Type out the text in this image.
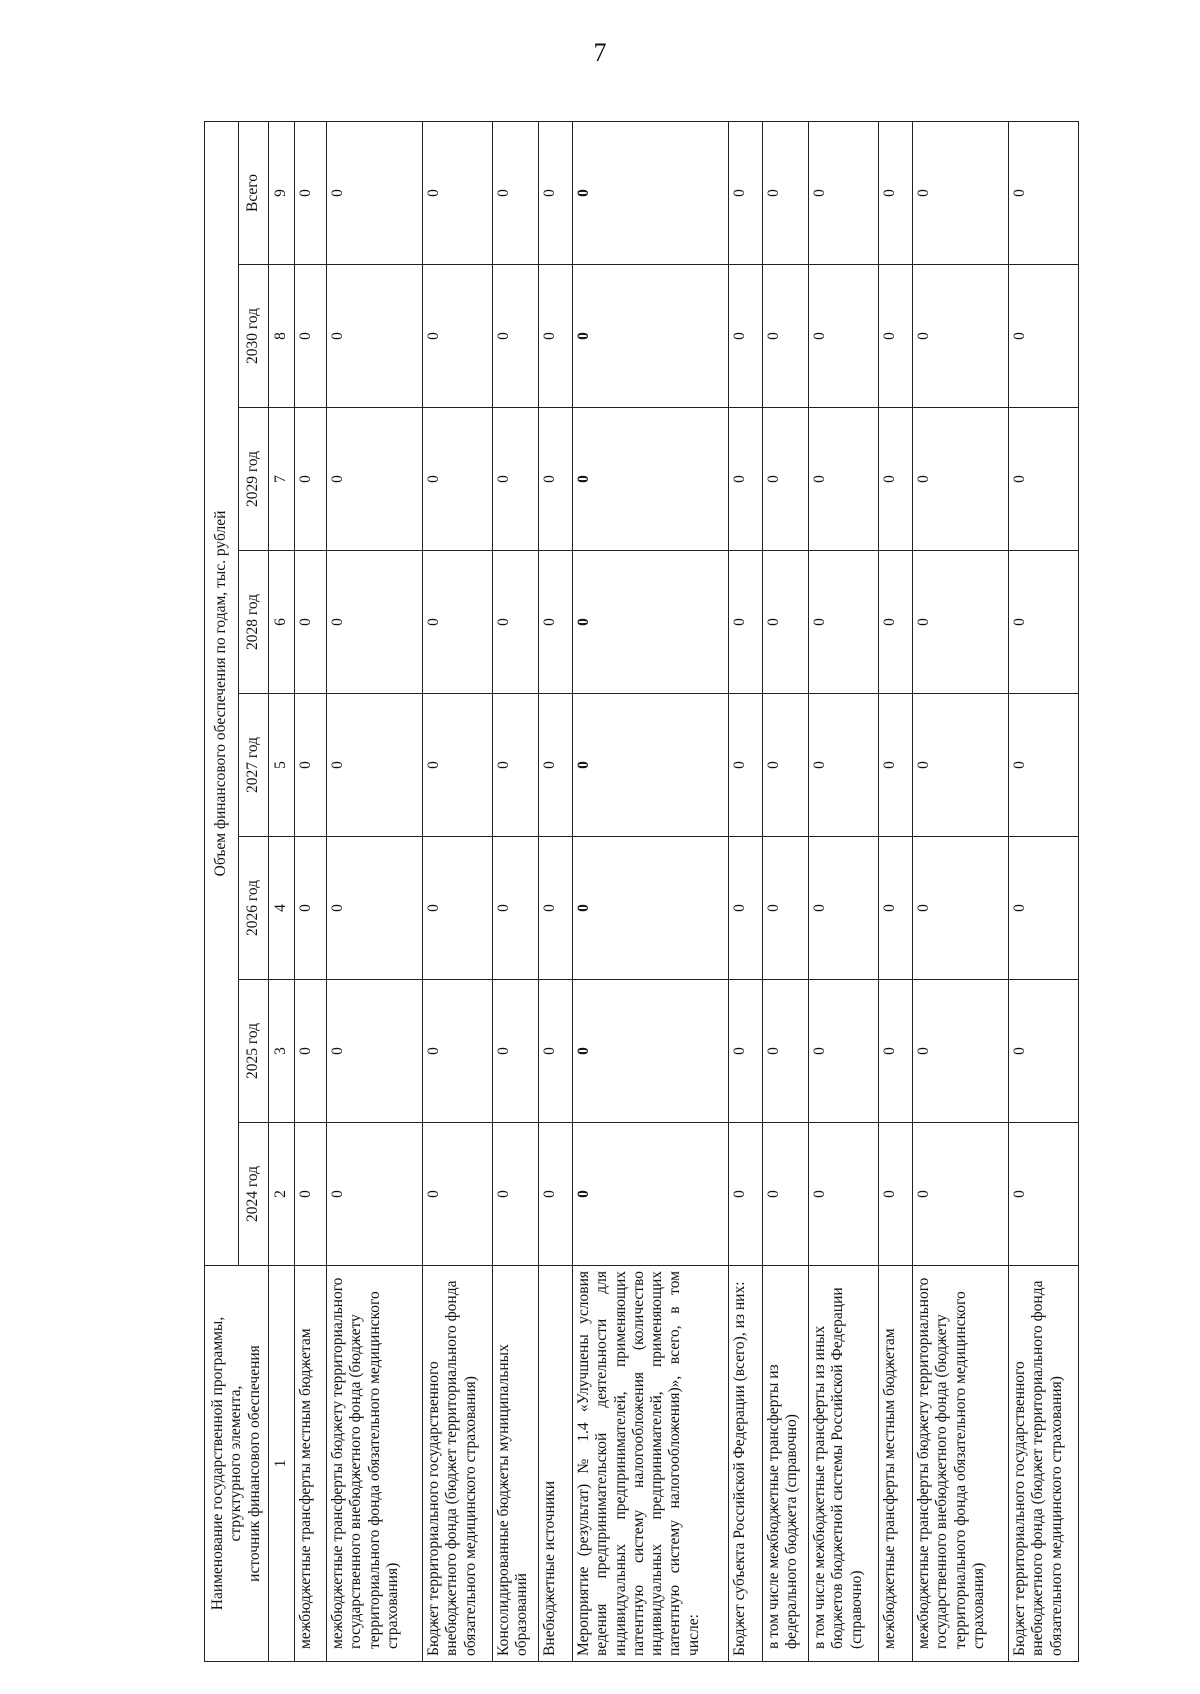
7
Наименование государственной программы, структурного элемента, источник финансового обеспечения	Объем финансового обеспечения по годам, тыс. рублей							
	2024 год	2025 год	2026 год	2027 год	2028 год	2029 год	2030 год	Всего
1	2	3	4	5	6	7	8	9
межбюджетные трансферты местным бюджетам	0	0	0	0	0	0	0	0
межбюджетные трансферты бюджету территориального государственного внебюджетного фонда (бюджету территориального фонда обязательного медицинского страхования)	0	0	0	0	0	0	0	0
Бюджет территориального государственного внебюджетного фонда (бюджет территориального фонда обязательного медицинского страхования)	0	0	0	0	0	0	0	0
Консолидированные бюджеты муниципальных образований	0	0	0	0	0	0	0	0
Внебюджетные источники	0	0	0	0	0	0	0	0
Мероприятие (результат) № 1.4 «Улучшены условия ведения предпринимательской деятельности для индивидуальных предпринимателей, применяющих патентную систему налогообложения (количество индивидуальных предпринимателей, применяющих патентную систему налогообложения)», всего, в том числе:	0	0	0	0	0	0	0	0
Бюджет субъекта Российской Федерации (всего), из них:	0	0	0	0	0	0	0	0
в том числе межбюджетные трансферты из федерального бюджета (справочно)	0	0	0	0	0	0	0	0
в том числе межбюджетные трансферты из иных бюджетов бюджетной системы Российской Федерации (справочно)	0	0	0	0	0	0	0	0
межбюджетные трансферты местным бюджетам	0	0	0	0	0	0	0	0
межбюджетные трансферты бюджету территориального государственного внебюджетного фонда (бюджету территориального фонда обязательного медицинского страхования)	0	0	0	0	0	0	0	0
Бюджет территориального государственного внебюджетного фонда (бюджет территориального фонда обязательного медицинского страхования)	0	0	0	0	0	0	0	0
